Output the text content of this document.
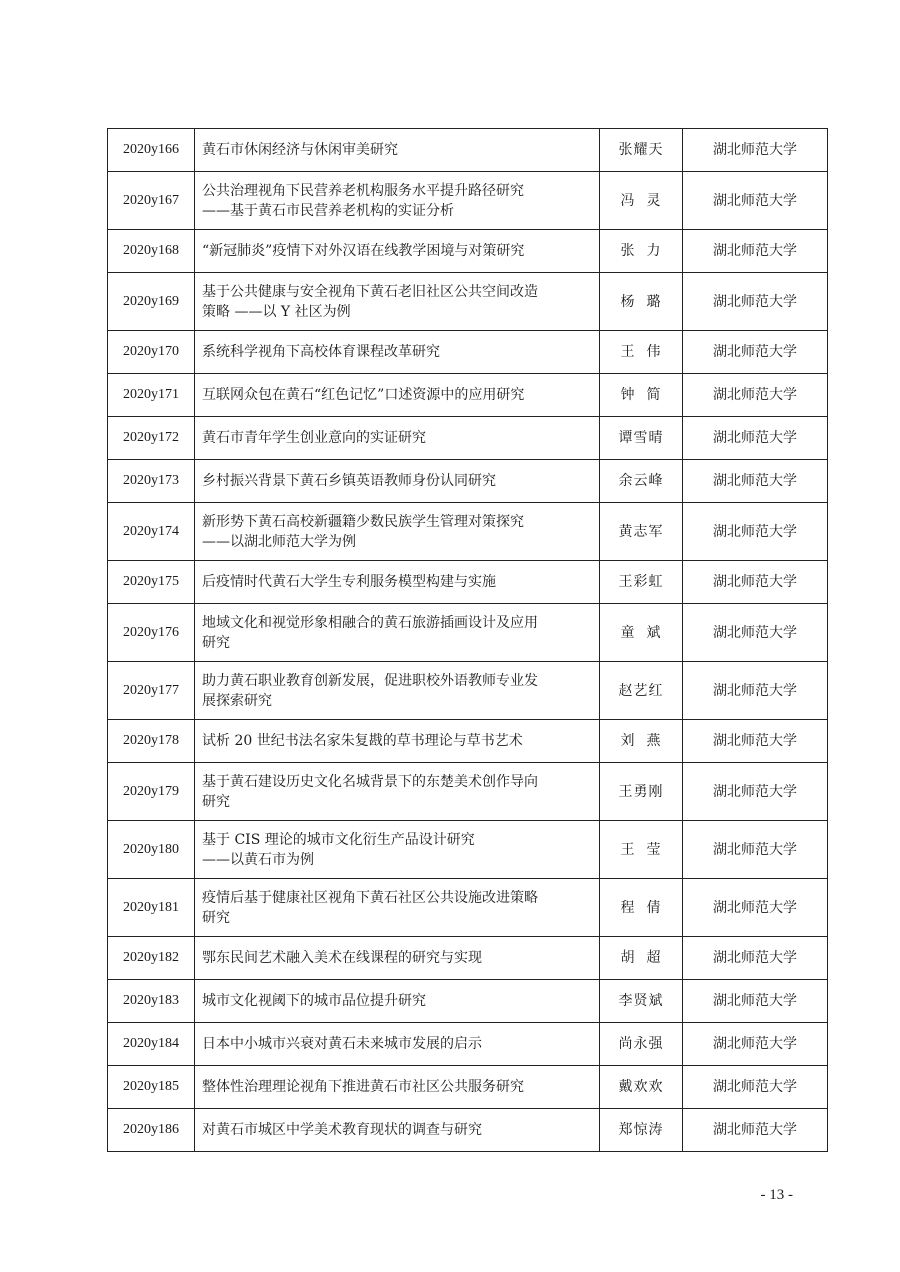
2020y166	黄石市休闲经济与休闲审美研究	张耀天	湖北师范大学
2020y167	公共治理视角下民营养老机构服务水平提升路径研究
——基于黄石市民营养老机构的实证分析	冯  灵	湖北师范大学
2020y168	“新冠肺炎”疫情下对外汉语在线教学困境与对策研究	张  力	湖北师范大学
2020y169	基于公共健康与安全视角下黄石老旧社区公共空间改造
策略 ——以 Y 社区为例	杨  璐	湖北师范大学
2020y170	系统科学视角下高校体育课程改革研究	王  伟	湖北师范大学
2020y171	互联网众包在黄石“红色记忆”口述资源中的应用研究	钟  简	湖北师范大学
2020y172	黄石市青年学生创业意向的实证研究	谭雪晴	湖北师范大学
2020y173	乡村振兴背景下黄石乡镇英语教师身份认同研究	余云峰	湖北师范大学
2020y174	新形势下黄石高校新疆籍少数民族学生管理对策探究
——以湖北师范大学为例	黄志军	湖北师范大学
2020y175	后疫情时代黄石大学生专利服务模型构建与实施	王彩虹	湖北师范大学
2020y176	地域文化和视觉形象相融合的黄石旅游插画设计及应用
研究	童  斌	湖北师范大学
2020y177	助力黄石职业教育创新发展，促进职校外语教师专业发
展探索研究	赵艺红	湖北师范大学
2020y178	试析 20 世纪书法名家朱复戡的草书理论与草书艺术	刘  燕	湖北师范大学
2020y179	基于黄石建设历史文化名城背景下的东楚美术创作导向
研究	王勇刚	湖北师范大学
2020y180	基于 CIS 理论的城市文化衍生产品设计研究
——以黄石市为例	王  莹	湖北师范大学
2020y181	疫情后基于健康社区视角下黄石社区公共设施改进策略
研究	程  倩	湖北师范大学
2020y182	鄂东民间艺术融入美术在线课程的研究与实现	胡  超	湖北师范大学
2020y183	城市文化视阈下的城市品位提升研究	李贤斌	湖北师范大学
2020y184	日本中小城市兴衰对黄石未来城市发展的启示	尚永强	湖北师范大学
2020y185	整体性治理理论视角下推进黄石市社区公共服务研究	戴欢欢	湖北师范大学
2020y186	对黄石市城区中学美术教育现状的调查与研究	郑惊涛	湖北师范大学
- 13 -
